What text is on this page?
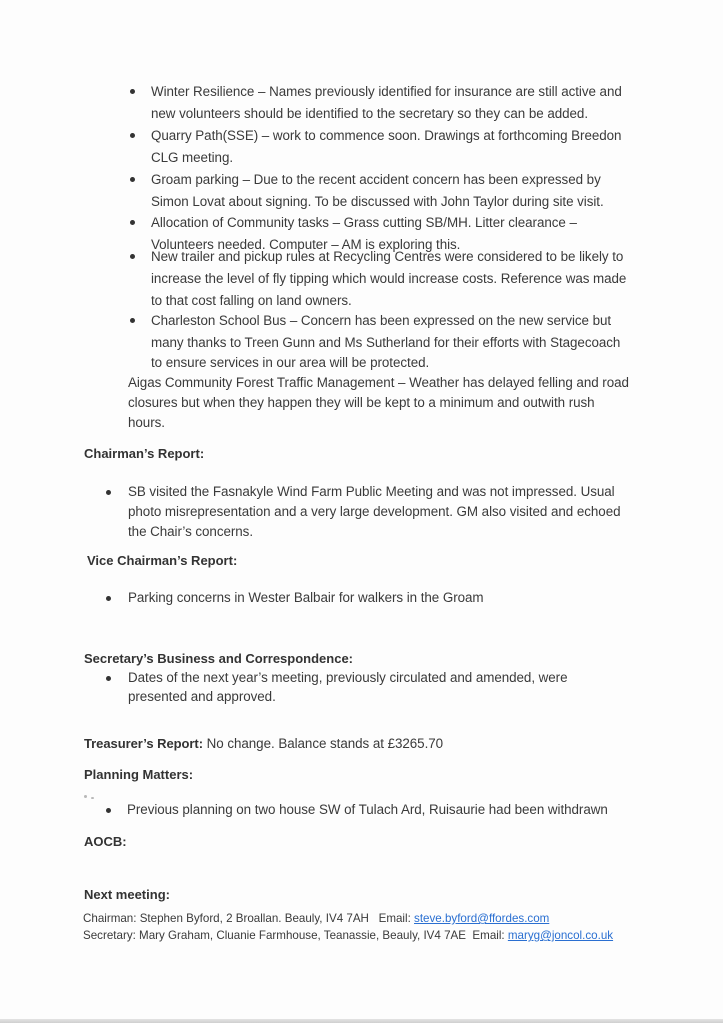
Winter Resilience – Names previously identified for insurance are still active and
new volunteers should be identified to the secretary so they can be added.
Quarry Path(SSE) – work to commence soon. Drawings at forthcoming Breedon
CLG meeting.
Groam parking – Due to the recent accident concern has been expressed by
Simon Lovat about signing. To be discussed with John Taylor during site visit.
Allocation of Community tasks – Grass cutting SB/MH. Litter clearance –
Volunteers needed. Computer – AM is exploring this.
New trailer and pickup rules at Recycling Centres were considered to be likely to
increase the level of fly tipping which would increase costs. Reference was made
to that cost falling on land owners.
Charleston School Bus – Concern has been expressed on the new service but
many thanks to Treen Gunn and Ms Sutherland for their efforts with Stagecoach
to ensure services in our area will be protected.
Aigas Community Forest Traffic Management – Weather has delayed felling and road
closures but when they happen they will be kept to a minimum and outwith rush
hours.
Chairman’s Report:
SB visited the Fasnakyle Wind Farm Public Meeting and was not impressed. Usual
photo misrepresentation and a very large development. GM also visited and echoed
the Chair’s concerns.
Vice Chairman’s Report:
Parking concerns in Wester Balbair for walkers in the Groam
Secretary’s Business and Correspondence:
Dates of the next year’s meeting, previously circulated and amended, were
presented and approved.
Treasurer’s Report: No change. Balance stands at £3265.70
Planning Matters:
Previous planning on two house SW of Tulach Ard, Ruisaurie had been withdrawn
AOCB:
Next meeting:
Chairman: Stephen Byford, 2 Broallan. Beauly, IV4 7AH   Email: steve.byford@ffordes.com
Secretary: Mary Graham, Cluanie Farmhouse, Teanassie, Beauly, IV4 7AE  Email: maryg@joncol.co.uk
